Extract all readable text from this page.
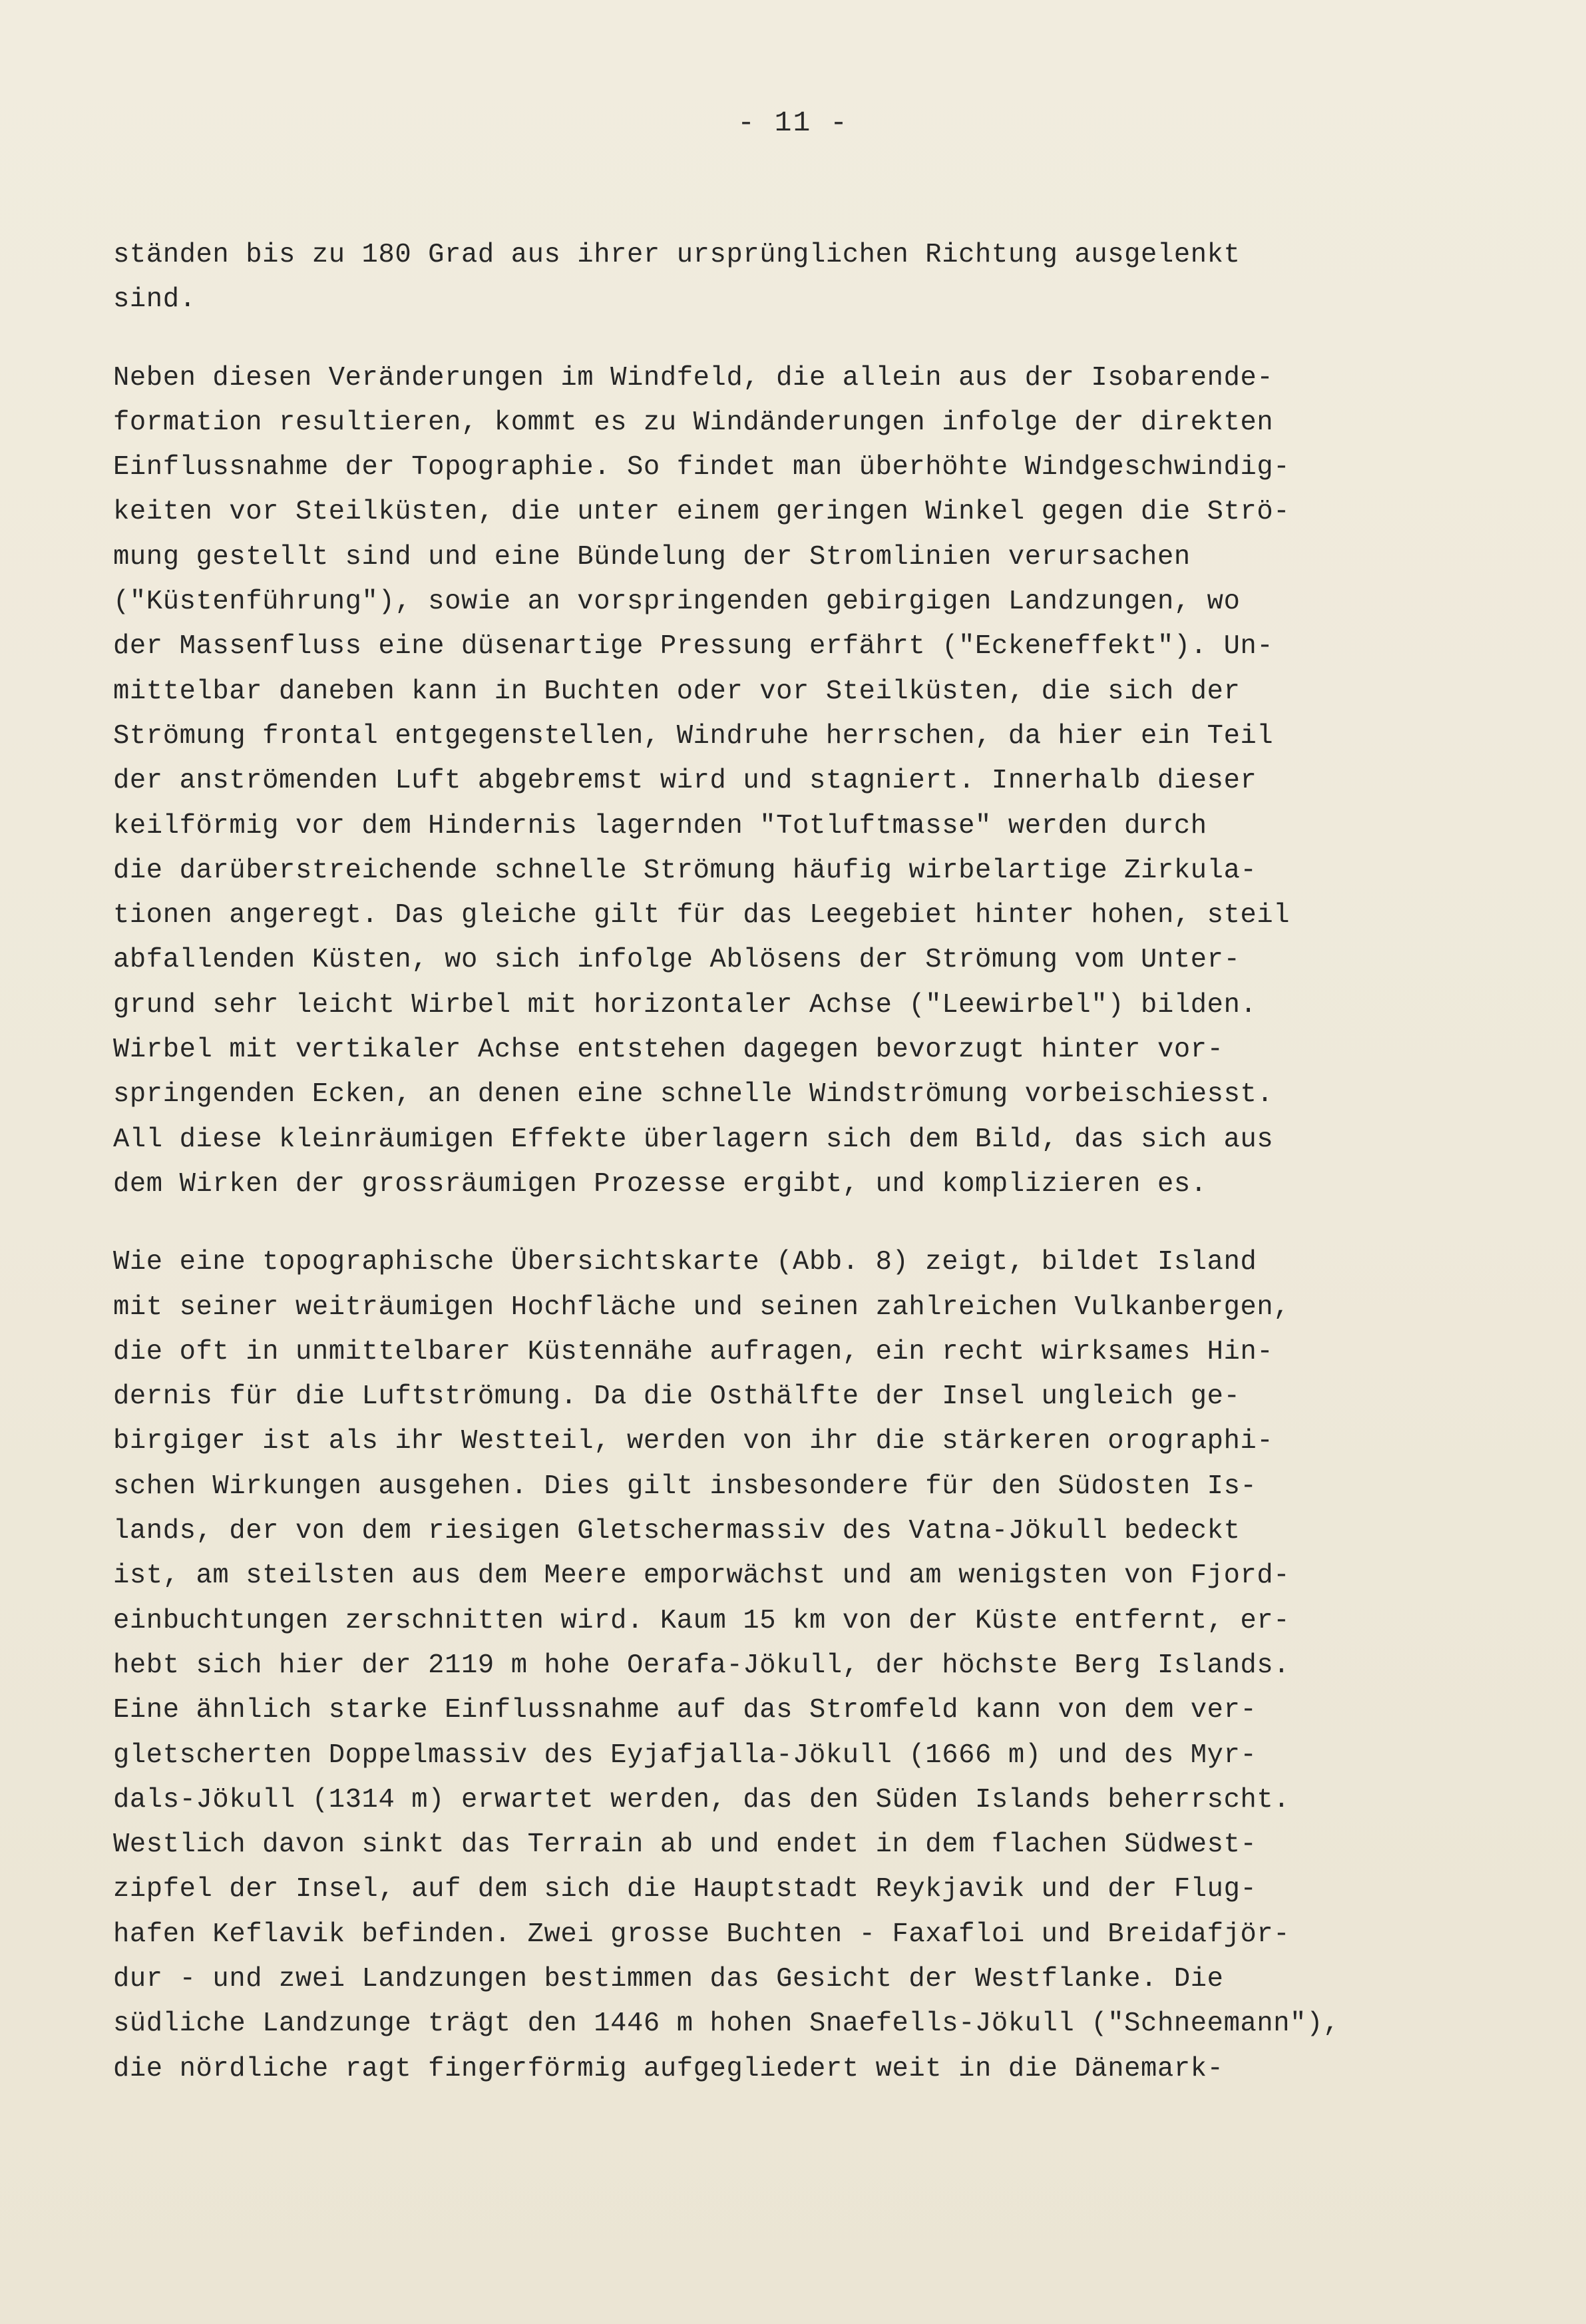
- 11 -
ständen bis zu 180 Grad aus ihrer ursprünglichen Richtung ausgelenkt
sind.
Neben diesen Veränderungen im Windfeld, die allein aus der Isobarende-
formation resultieren, kommt es zu Windänderungen infolge der direkten
Einflussnahme der Topographie. So findet man überhöhte Windgeschwindig-
keiten vor Steilküsten, die unter einem geringen Winkel gegen die Strö-
mung gestellt sind und eine Bündelung der Stromlinien verursachen
("Küstenführung"), sowie an vorspringenden gebirgigen Landzungen, wo
der Massenfluss eine düsenartige Pressung erfährt ("Eckeneffekt"). Un-
mittelbar daneben kann in Buchten oder vor Steilküsten, die sich der
Strömung frontal entgegenstellen, Windruhe herrschen, da hier ein Teil
der anströmenden Luft abgebremst wird und stagniert. Innerhalb dieser
keilförmig vor dem Hindernis lagernden "Totluftmasse" werden durch
die darüberstreichende schnelle Strömung häufig wirbelartige Zirkula-
tionen angeregt. Das gleiche gilt für das Leegebiet hinter hohen, steil
abfallenden Küsten, wo sich infolge Ablösens der Strömung vom Unter-
grund sehr leicht Wirbel mit horizontaler Achse ("Leewirbel") bilden.
Wirbel mit vertikaler Achse entstehen dagegen bevorzugt hinter vor-
springenden Ecken, an denen eine schnelle Windströmung vorbeischiesst.
All diese kleinräumigen Effekte überlagern sich dem Bild, das sich aus
dem Wirken der grossräumigen Prozesse ergibt, und komplizieren es.
Wie eine topographische Übersichtskarte (Abb. 8) zeigt, bildet Island
mit seiner weiträumigen Hochfläche und seinen zahlreichen Vulkanbergen,
die oft in unmittelbarer Küstennähe aufragen, ein recht wirksames Hin-
dernis für die Luftströmung. Da die Osthälfte der Insel ungleich ge-
birgiger ist als ihr Westteil, werden von ihr die stärkeren orographi-
schen Wirkungen ausgehen. Dies gilt insbesondere für den Südosten Is-
lands, der von dem riesigen Gletschermassiv des Vatna-Jökull bedeckt
ist, am steilsten aus dem Meere emporwächst und am wenigsten von Fjord-
einbuchtungen zerschnitten wird. Kaum 15 km von der Küste entfernt, er-
hebt sich hier der 2119 m hohe Oerafa-Jökull, der höchste Berg Islands.
Eine ähnlich starke Einflussnahme auf das Stromfeld kann von dem ver-
gletscherten Doppelmassiv des Eyjafjalla-Jökull (1666 m) und des Myr-
dals-Jökull (1314 m) erwartet werden, das den Süden Islands beherrscht.
Westlich davon sinkt das Terrain ab und endet in dem flachen Südwest-
zipfel der Insel, auf dem sich die Hauptstadt Reykjavik und der Flug-
hafen Keflavik befinden. Zwei grosse Buchten - Faxafloi und Breidafjör-
dur - und zwei Landzungen bestimmen das Gesicht der Westflanke. Die
südliche Landzunge trägt den 1446 m hohen Snaefells-Jökull ("Schneemann"),
die nördliche ragt fingerförmig aufgegliedert weit in die Dänemark-
